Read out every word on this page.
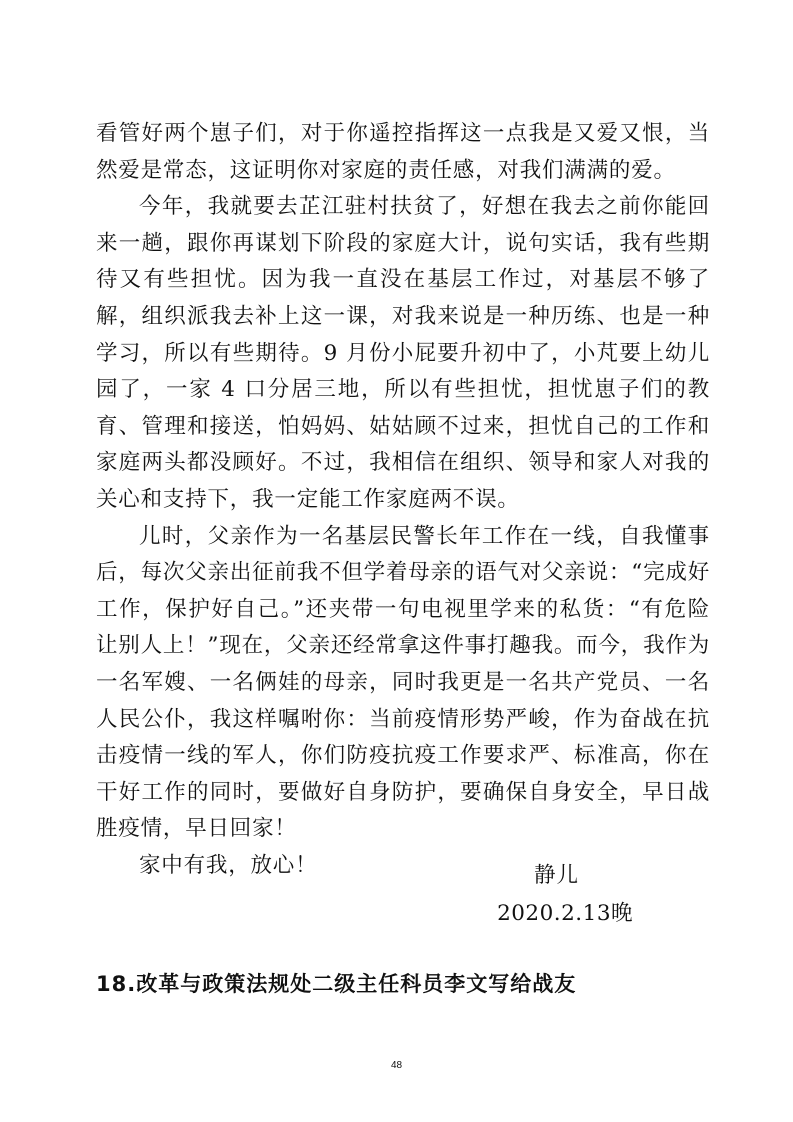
看管好两个崽子们，对于你遥控指挥这一点我是又爱又恨，当然爱是常态，这证明你对家庭的责任感，对我们满满的爱。

今年，我就要去芷江驻村扶贫了，好想在我去之前你能回来一趟，跟你再谋划下阶段的家庭大计，说句实话，我有些期待又有些担忧。因为我一直没在基层工作过，对基层不够了解，组织派我去补上这一课，对我来说是一种历练、也是一种学习，所以有些期待。9 月份小屁要升初中了，小芃要上幼儿园了，一家 4 口分居三地，所以有些担忧，担忧崽子们的教育、管理和接送，怕妈妈、姑姑顾不过来，担忧自己的工作和家庭两头都没顾好。不过，我相信在组织、领导和家人对我的关心和支持下，我一定能工作家庭两不误。

儿时，父亲作为一名基层民警长年工作在一线，自我懂事后，每次父亲出征前我不但学着母亲的语气对父亲说：“完成好工作，保护好自己。”还夹带一句电视里学来的私货：“有危险让别人上！”现在，父亲还经常拿这件事打趣我。而今，我作为一名军嫂、一名俩娃的母亲，同时我更是一名共产党员、一名人民公仆，我这样嘱咐你：当前疫情形势严峻，作为奋战在抗击疫情一线的军人，你们防疫抗疫工作要求严、标准高，你在干好工作的同时，要做好自身防护，要确保自身安全，早日战胜疫情，早日回家！

家中有我，放心！	静儿
2020.2.13晚
18.改革与政策法规处二级主任科员李文写给战友
48
